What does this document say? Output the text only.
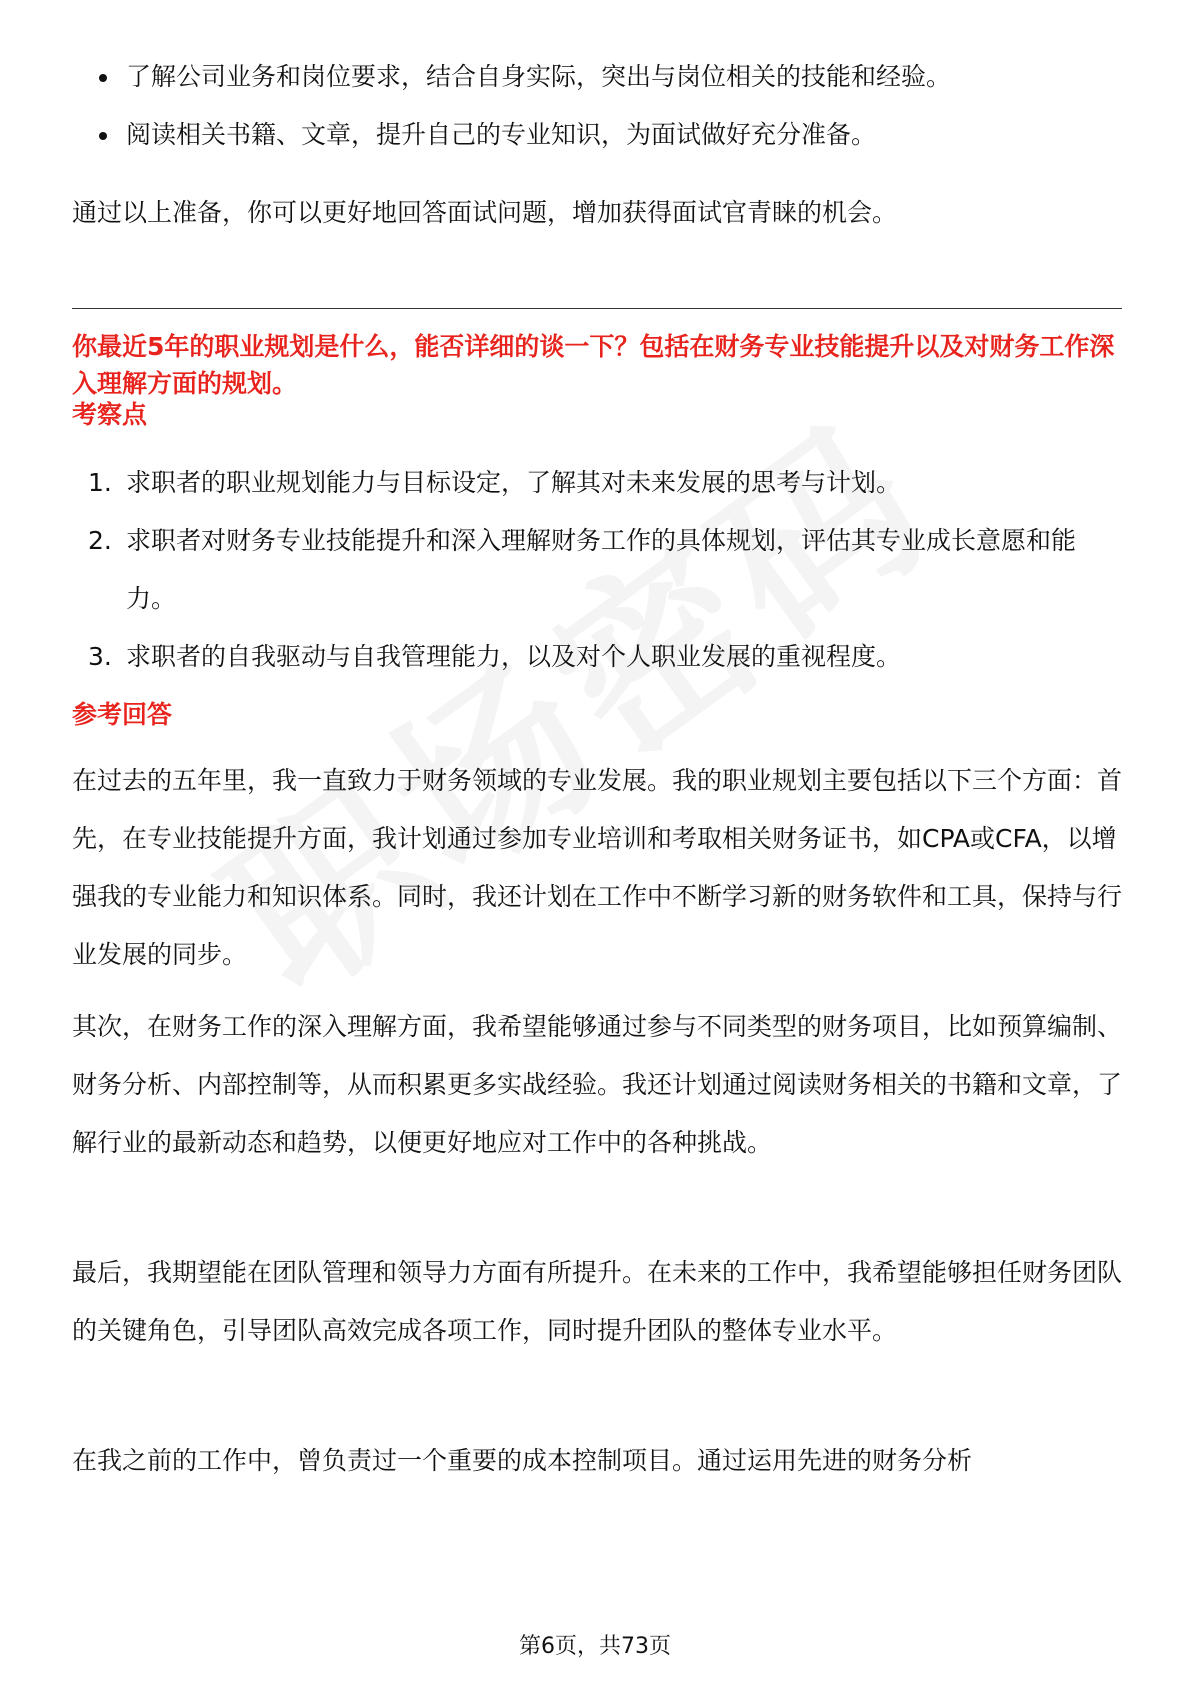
了解公司业务和岗位要求，结合自身实际，突出与岗位相关的技能和经验。
阅读相关书籍、文章，提升自己的专业知识，为面试做好充分准备。

通过以上准备，你可以更好地回答面试问题，增加获得面试官青睐的机会。

你最近5年的职业规划是什么，能否详细的谈一下？包括在财务专业技能提升以及对财务工作深入理解方面的规划。

考察点
1. 求职者的职业规划能力与目标设定，了解其对未来发展的思考与计划。
2. 求职者对财务专业技能提升和深入理解财务工作的具体规划，评估其专业成长意愿和能力。
3. 求职者的自我驱动与自我管理能力，以及对个人职业发展的重视程度。
参考回答

在过去的五年里，我一直致力于财务领域的专业发展。我的职业规划主要包括以下三个方面：首先，在专业技能提升方面，我计划通过参加专业培训和考取相关财务证书，如CPA或CFA，以增强我的专业能力和知识体系。同时，我还计划在工作中不断学习新的财务软件和工具，保持与行业发展的同步。

其次，在财务工作的深入理解方面，我希望能够通过参与不同类型的财务项目，比如预算编制、财务分析、内部控制等，从而积累更多实战经验。我还计划通过阅读财务相关的书籍和文章，了解行业的最新动态和趋势，以便更好地应对工作中的各种挑战。

最后，我期望能在团队管理和领导力方面有所提升。在未来的工作中，我希望能够担任财务团队的关键角色，引导团队高效完成各项工作，同时提升团队的整体专业水平。

在我之前的工作中，曾负责过一个重要的成本控制项目。通过运用先进的财务分析

第6页，共73页
